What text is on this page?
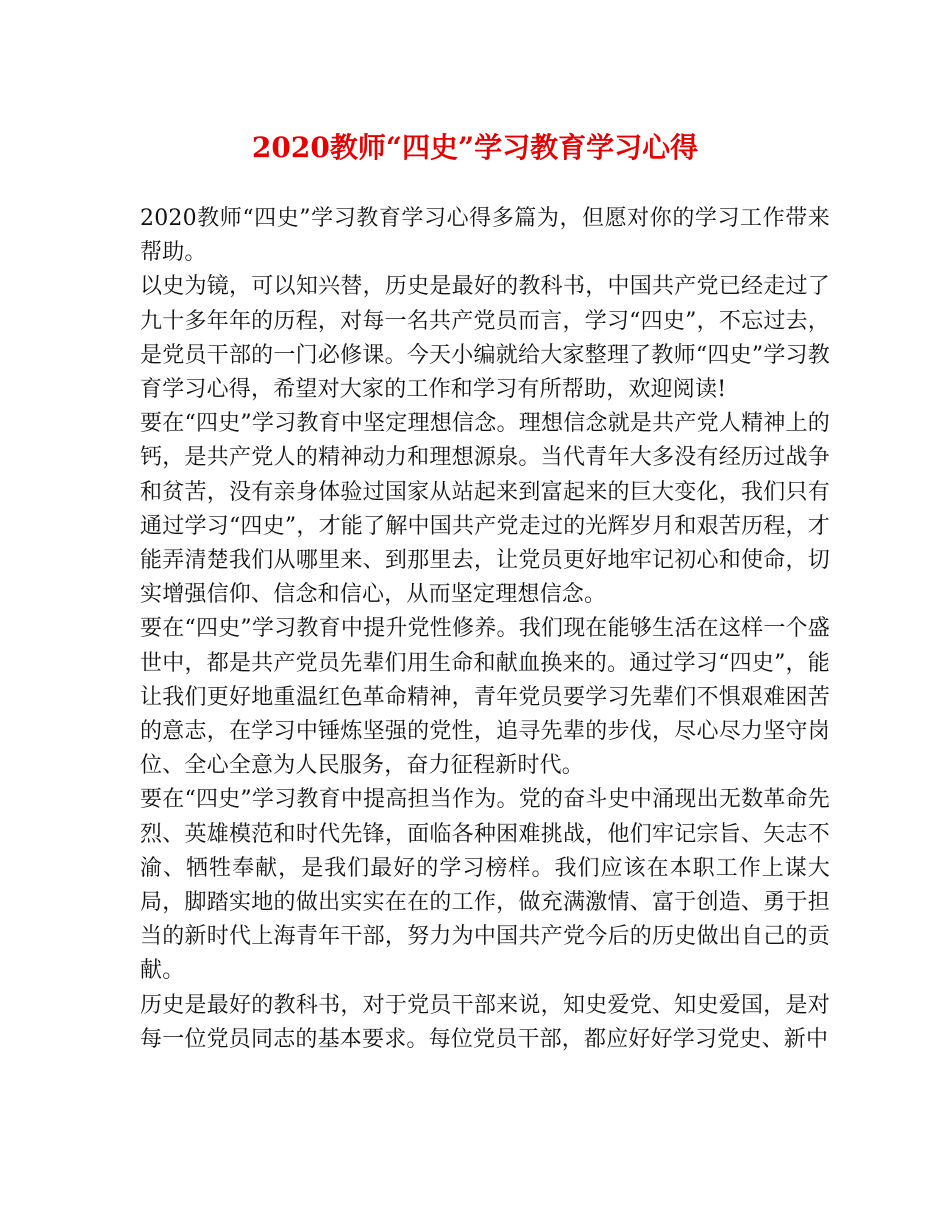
2020教师“四史”学习教育学习心得

2020教师“四史”学习教育学习心得多篇为，但愿对你的学习工作带来帮助。

以史为镜，可以知兴替，历史是最好的教科书，中国共产党已经走过了九十多年年的历程，对每一名共产党员而言，学习“四史”，不忘过去，是党员干部的一门必修课。今天小编就给大家整理了教师“四史”学习教育学习心得，希望对大家的工作和学习有所帮助，欢迎阅读!

要在“四史”学习教育中坚定理想信念。理想信念就是共产党人精神上的钙，是共产党人的精神动力和理想源泉。当代青年大多没有经历过战争和贫苦，没有亲身体验过国家从站起来到富起来的巨大变化，我们只有通过学习“四史”，才能了解中国共产党走过的光辉岁月和艰苦历程，才能弄清楚我们从哪里来、到那里去，让党员更好地牢记初心和使命，切实增强信仰、信念和信心，从而坚定理想信念。

要在“四史”学习教育中提升党性修养。我们现在能够生活在这样一个盛世中，都是共产党员先辈们用生命和献血换来的。通过学习“四史”，能让我们更好地重温红色革命精神，青年党员要学习先辈们不惧艰难困苦的意志，在学习中锤炼坚强的党性，追寻先辈的步伐，尽心尽力坚守岗位、全心全意为人民服务，奋力征程新时代。

要在“四史”学习教育中提高担当作为。党的奋斗史中涌现出无数革命先烈、英雄模范和时代先锋，面临各种困难挑战，他们牢记宗旨、矢志不渝、牺牲奉献，是我们最好的学习榜样。我们应该在本职工作上谋大局，脚踏实地的做出实实在在的工作，做充满激情、富于创造、勇于担当的新时代上海青年干部，努力为中国共产党今后的历史做出自己的贡献。

历史是最好的教科书，对于党员干部来说，知史爱党、知史爱国，是对每一位党员同志的基本要求。每位党员干部，都应好好学习党史、新中
